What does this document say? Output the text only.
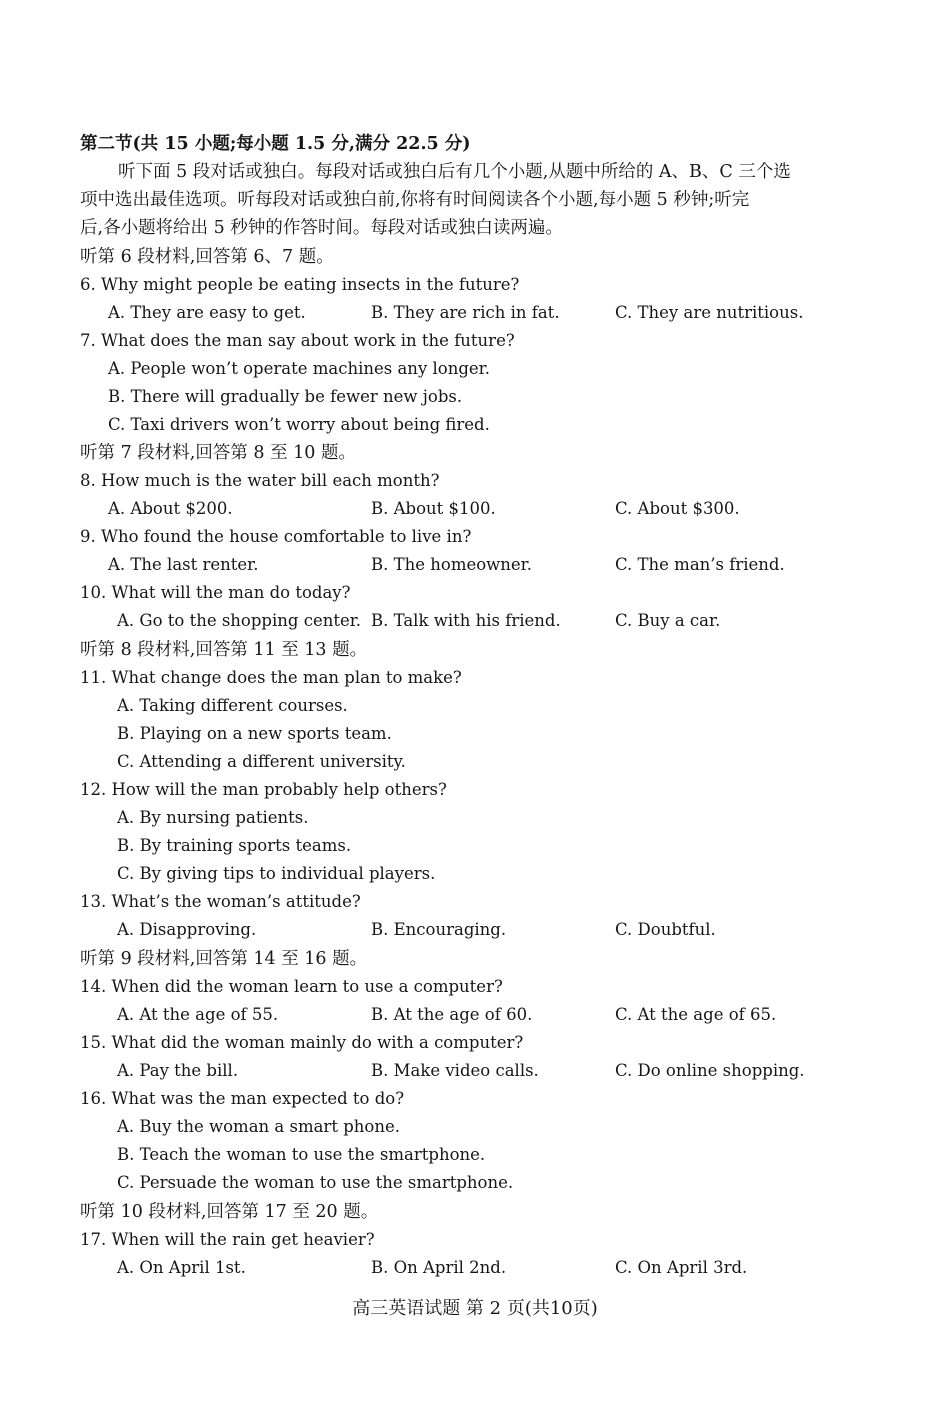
第二节(共 15 小题;每小题 1.5 分,满分 22.5 分)
听下面 5 段对话或独白。每段对话或独白后有几个小题,从题中所给的 A、B、C 三个选
项中选出最佳选项。听每段对话或独白前,你将有时间阅读各个小题,每小题 5 秒钟;听完
后,各小题将给出 5 秒钟的作答时间。每段对话或独白读两遍。
听第 6 段材料,回答第 6、7 题。
6. Why might people be eating insects in the future?
A. They are easy to get.	B. They are rich in fat.	C. They are nutritious.
7. What does the man say about work in the future?
A. People won’t operate machines any longer.
B. There will gradually be fewer new jobs.
C. Taxi drivers won’t worry about being fired.
听第 7 段材料,回答第 8 至 10 题。
8. How much is the water bill each month?
A. About $200.	B. About $100.	C. About $300.
9. Who found the house comfortable to live in?
A. The last renter.	B. The homeowner.	C. The man’s friend.
10. What will the man do today?
A. Go to the shopping center. B. Talk with his friend.	C. Buy a car.
听第 8 段材料,回答第 11 至 13 题。
11. What change does the man plan to make?
A. Taking different courses.
B. Playing on a new sports team.
C. Attending a different university.
12. How will the man probably help others?
A. By nursing patients.
B. By training sports teams.
C. By giving tips to individual players.
13. What’s the woman’s attitude?
A. Disapproving.	B. Encouraging.	C. Doubtful.
听第 9 段材料,回答第 14 至 16 题。
14. When did the woman learn to use a computer?
A. At the age of 55.	B. At the age of 60.	C. At the age of 65.
15. What did the woman mainly do with a computer?
A. Pay the bill.	B. Make video calls.	C. Do online shopping.
16. What was the man expected to do?
A. Buy the woman a smart phone.
B. Teach the woman to use the smartphone.
C. Persuade the woman to use the smartphone.
听第 10 段材料,回答第 17 至 20 题。
17. When will the rain get heavier?
A. On April 1st.	B. On April 2nd.	C. On April 3rd.
高三英语试题 第 2 页(共10页)
